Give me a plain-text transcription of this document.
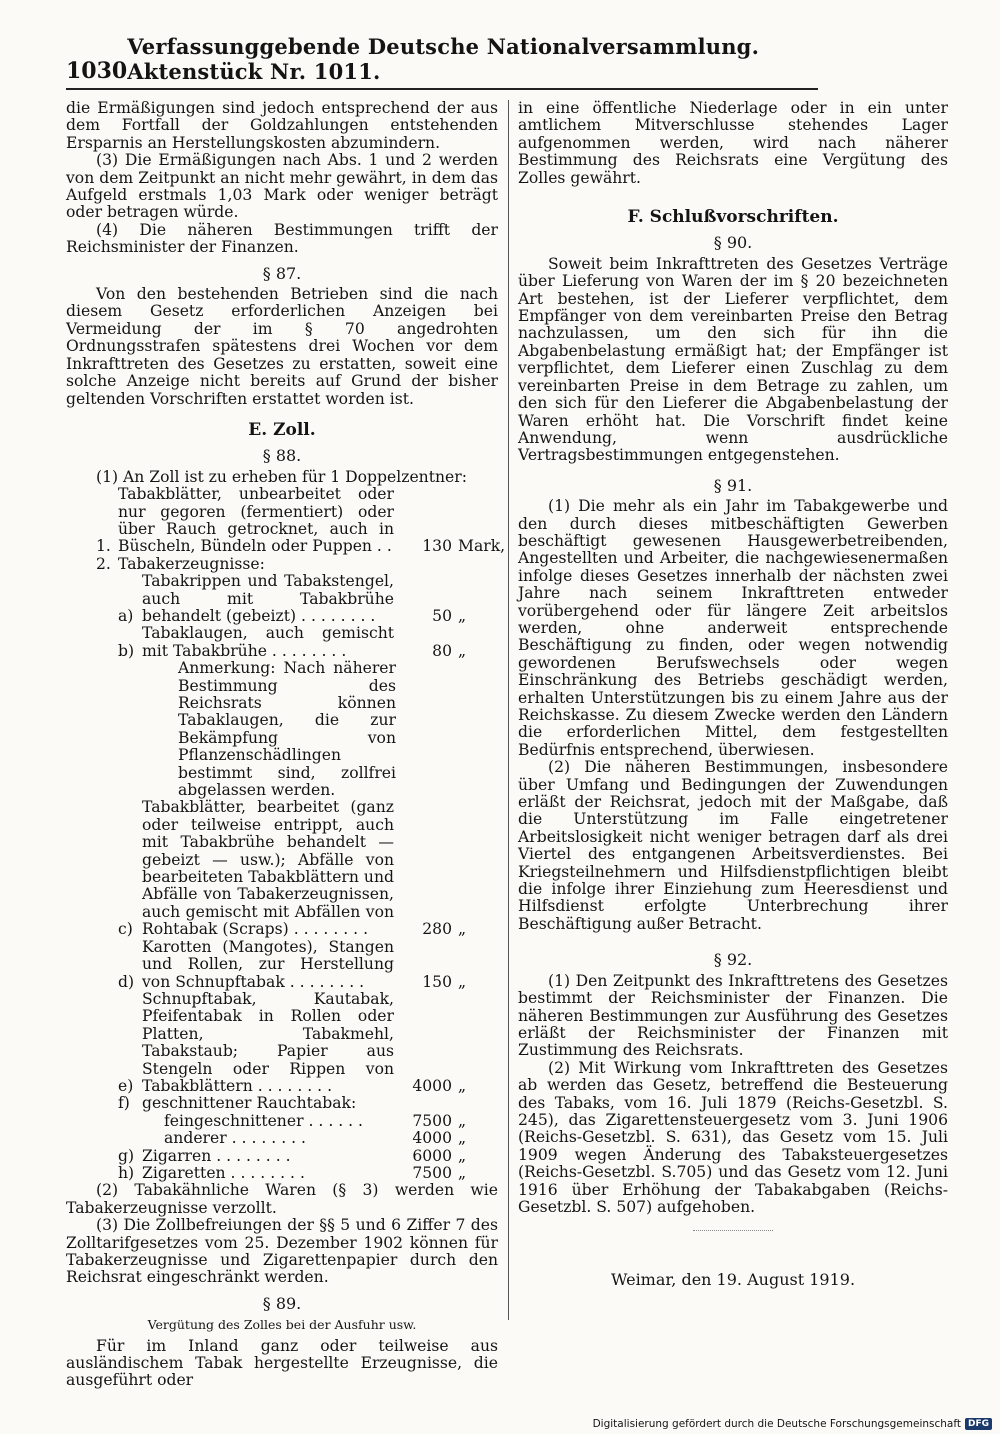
1030
Verfassunggebende Deutsche Nationalversammlung. Aktenstück Nr. 1011.

die Ermäßigungen sind jedoch entsprechend der aus dem Fortfall der Goldzahlungen entstehenden Ersparnis an Herstellungskosten abzumindern.

(3) Die Ermäßigungen nach Abs. 1 und 2 werden von dem Zeitpunkt an nicht mehr gewährt, in dem das Aufgeld erstmals 1,03 Mark oder weniger beträgt oder betragen würde.

(4) Die näheren Bestimmungen trifft der Reichsminister der Finanzen.

§ 87.

Von den bestehenden Betrieben sind die nach diesem Gesetz erforderlichen Anzeigen bei Vermeidung der im § 70 angedrohten Ordnungsstrafen spätestens drei Wochen vor dem Inkrafttreten des Gesetzes zu erstatten, soweit eine solche Anzeige nicht bereits auf Grund der bisher geltenden Vorschriften erstattet worden ist.

E. Zoll.
§ 88.

(1) An Zoll ist zu erheben für 1 Doppelzentner:

1.
Tabakblätter, unbearbeitet oder nur gegoren (fermentiert) oder über Rauch getrocknet, auch in Büscheln, Bündeln oder Puppen . .	130 Mark,
2. Tabakerzeugnisse:
a)
Tabakrippen und Tabakstengel, auch mit Tabakbrühe behandelt (gebeizt) . . . . . . . .	50 „
b)
Tabaklaugen, auch gemischt mit Tabakbrühe . . . . . . . .	80 „

Anmerkung: Nach näherer Bestimmung des Reichsrats können Tabaklaugen, die zur Bekämpfung von Pflanzenschädlingen bestimmt sind, zollfrei abgelassen werden.

c)
Tabakblätter, bearbeitet (ganz oder teilweise entrippt, auch mit Tabakbrühe behandelt — gebeizt — usw.); Abfälle von bearbeiteten Tabakblättern und Abfälle von Tabakerzeugnissen, auch gemischt mit Abfällen von Rohtabak (Scraps) . . . . . . . .	280 „
d)
Karotten (Mangotes), Stangen und Rollen, zur Herstellung von Schnupftabak . . . . . . . .	150 „
e)
Schnupftabak, Kautabak, Pfeifentabak in Rollen oder Platten, Tabakmehl, Tabakstaub; Papier aus Stengeln oder Rippen von Tabakblättern . . . . . . . .	4000 „
f) geschnittener Rauchtabak:
feingeschnittener . . . . . .	7500 „
anderer . . . . . . . .	4000 „
g) Zigarren . . . . . . . .	6000 „
h) Zigaretten . . . . . . . .	7500 „

(2) Tabakähnliche Waren (§ 3) werden wie Tabakerzeugnisse verzollt.

(3) Die Zollbefreiungen der §§ 5 und 6 Ziffer 7 des Zolltarifgesetzes vom 25. Dezember 1902 können für Tabakerzeugnisse und Zigarettenpapier durch den Reichsrat eingeschränkt werden.

§ 89.
Vergütung des Zolles bei der Ausfuhr usw.

Für im Inland ganz oder teilweise aus ausländischem Tabak hergestellte Erzeugnisse, die ausgeführt oder

in eine öffentliche Niederlage oder in ein unter amtlichem Mitverschlusse stehendes Lager aufgenommen werden, wird nach näherer Bestimmung des Reichsrats eine Vergütung des Zolles gewährt.

F. Schlußvorschriften.
§ 90.

Soweit beim Inkrafttreten des Gesetzes Verträge über Lieferung von Waren der im § 20 bezeichneten Art bestehen, ist der Lieferer verpflichtet, dem Empfänger von dem vereinbarten Preise den Betrag nachzulassen, um den sich für ihn die Abgabenbelastung ermäßigt hat; der Empfänger ist verpflichtet, dem Lieferer einen Zuschlag zu dem vereinbarten Preise in dem Betrage zu zahlen, um den sich für den Lieferer die Abgabenbelastung der Waren erhöht hat. Die Vorschrift findet keine Anwendung, wenn ausdrückliche Vertragsbestimmungen entgegenstehen.

§ 91.

(1) Die mehr als ein Jahr im Tabakgewerbe und den durch dieses mitbeschäftigten Gewerben beschäftigt gewesenen Hausgewerbetreibenden, Angestellten und Arbeiter, die nachgewiesenermaßen infolge dieses Gesetzes innerhalb der nächsten zwei Jahre nach seinem Inkrafttreten entweder vorübergehend oder für längere Zeit arbeitslos werden, ohne anderweit entsprechende Beschäftigung zu finden, oder wegen notwendig gewordenen Berufswechsels oder wegen Einschränkung des Betriebs geschädigt werden, erhalten Unterstützungen bis zu einem Jahre aus der Reichskasse. Zu diesem Zwecke werden den Ländern die erforderlichen Mittel, dem festgestellten Bedürfnis entsprechend, überwiesen.

(2) Die näheren Bestimmungen, insbesondere über Umfang und Bedingungen der Zuwendungen erläßt der Reichsrat, jedoch mit der Maßgabe, daß die Unterstützung im Falle eingetretener Arbeitslosigkeit nicht weniger betragen darf als drei Viertel des entgangenen Arbeitsverdienstes. Bei Kriegsteilnehmern und Hilfsdienstpflichtigen bleibt die infolge ihrer Einziehung zum Heeresdienst und Hilfsdienst erfolgte Unterbrechung ihrer Beschäftigung außer Betracht.

§ 92.

(1) Den Zeitpunkt des Inkrafttretens des Gesetzes bestimmt der Reichsminister der Finanzen. Die näheren Bestimmungen zur Ausführung des Gesetzes erläßt der Reichsminister der Finanzen mit Zustimmung des Reichsrats.

(2) Mit Wirkung vom Inkrafttreten des Gesetzes ab werden das Gesetz, betreffend die Besteuerung des Tabaks, vom 16. Juli 1879 (Reichs-Gesetzbl. S. 245), das Zigarettensteuergesetz vom 3. Juni 1906 (Reichs-Gesetzbl. S. 631), das Gesetz vom 15. Juli 1909 wegen Änderung des Tabaksteuergesetzes (Reichs-Gesetzbl. S.705) und das Gesetz vom 12. Juni 1916 über Erhöhung der Tabakabgaben (Reichs-Gesetzbl. S. 507) aufgehoben.

Weimar, den 19. August 1919.
Digitalisierung gefördert durch die Deutsche Forschungsgemeinschaft DFG
